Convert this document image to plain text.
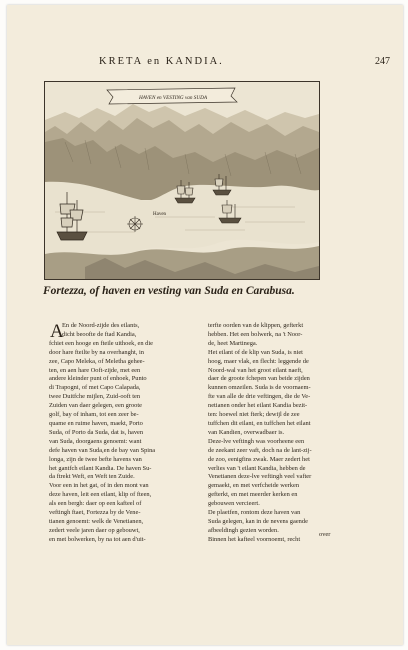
KRETA en KANDIA.	247
HAVEN en VESTING van SUDA
Haven
Fortezza, of haven en vesting van Suda en Carabusa.
A
En de Noord-zijde des eilants,
dicht beoofte de ftad Kandia,
fchiet een hooge en fteile uithoek, en die
door hare fteilte by na overhanght, in
zee, Capo Meleka, of Meletha gehee-
ten, en aen hare Ooft-zijde, met een
andere kleinder punt of enhoek, Punto
di Trapogni, of met Capo Calapada,
twee Duitfche mijlen, Zuid-ooft ten
Zuiden van daer gelegen, een groote
golf, bay of inham, tot een zeer be-
quame en ruime haven, maekt, Porto
Suda, of Porto da Suda, dat is, haven
van Suda, doorgaens genoemt: want
defe haven van Suda,en de bay van Spina
longa, zijn de twee befte havens van
het gantfch eilant Kandia. De haven Su-
da ftrekt Weft, en Weft ten Zuide.
Voor een in het gat, of in den mont van
deze haven, leit een eilant, klip of fteen,
als een bergh: daer op een kafteel of
veftingh ftaet, Fortezza by de Vene-
tianen genoemt: welk de Venetianen,
zedert veele jaren daer op gebouwt,
en met bolwerken, by na tot aen d'uit-
terfte oorden van de klippen, gefterkt
hebben. Het een bolwerk, na 't Noor-
de, heet Martinega.
Het eilant of de klip van Suda, is niet
hoog, maer vlak, en flecht: leggende de
Noord-wal van het groot eilant naeft,
daer de groote fchepen van beide zijden
kunnen omzeilen. Suda is de voornaem-
fte van alle de drie veftingen, die de Ve-
netianen onder het eilant Kandia bezit-
ten: hoewel niet fterk; dewijl de zee
tuffchen dit eilant, en tuffchen het eilant
van Kandien, overwadbaer is.
Deze-lve veftingh was voorheene een
de zeekant zeer vaft, doch na de lant-zij-
de zoo, eenigfins zwak. Maer zedert het
verlies van 't eilant Kandia, hebben de
Venetianen deze-lve veftingh veel vafter
gemaekt, en met verfcheide werken
gefterkt, en met meerder kerken en
gebouwen vercieert.
De plaetfen, rontom deze haven van
Suda gelegen, kan in de nevens gaende
afbeeldingh gezien worden.
Binnen het kafteel voornoemt, recht
over
